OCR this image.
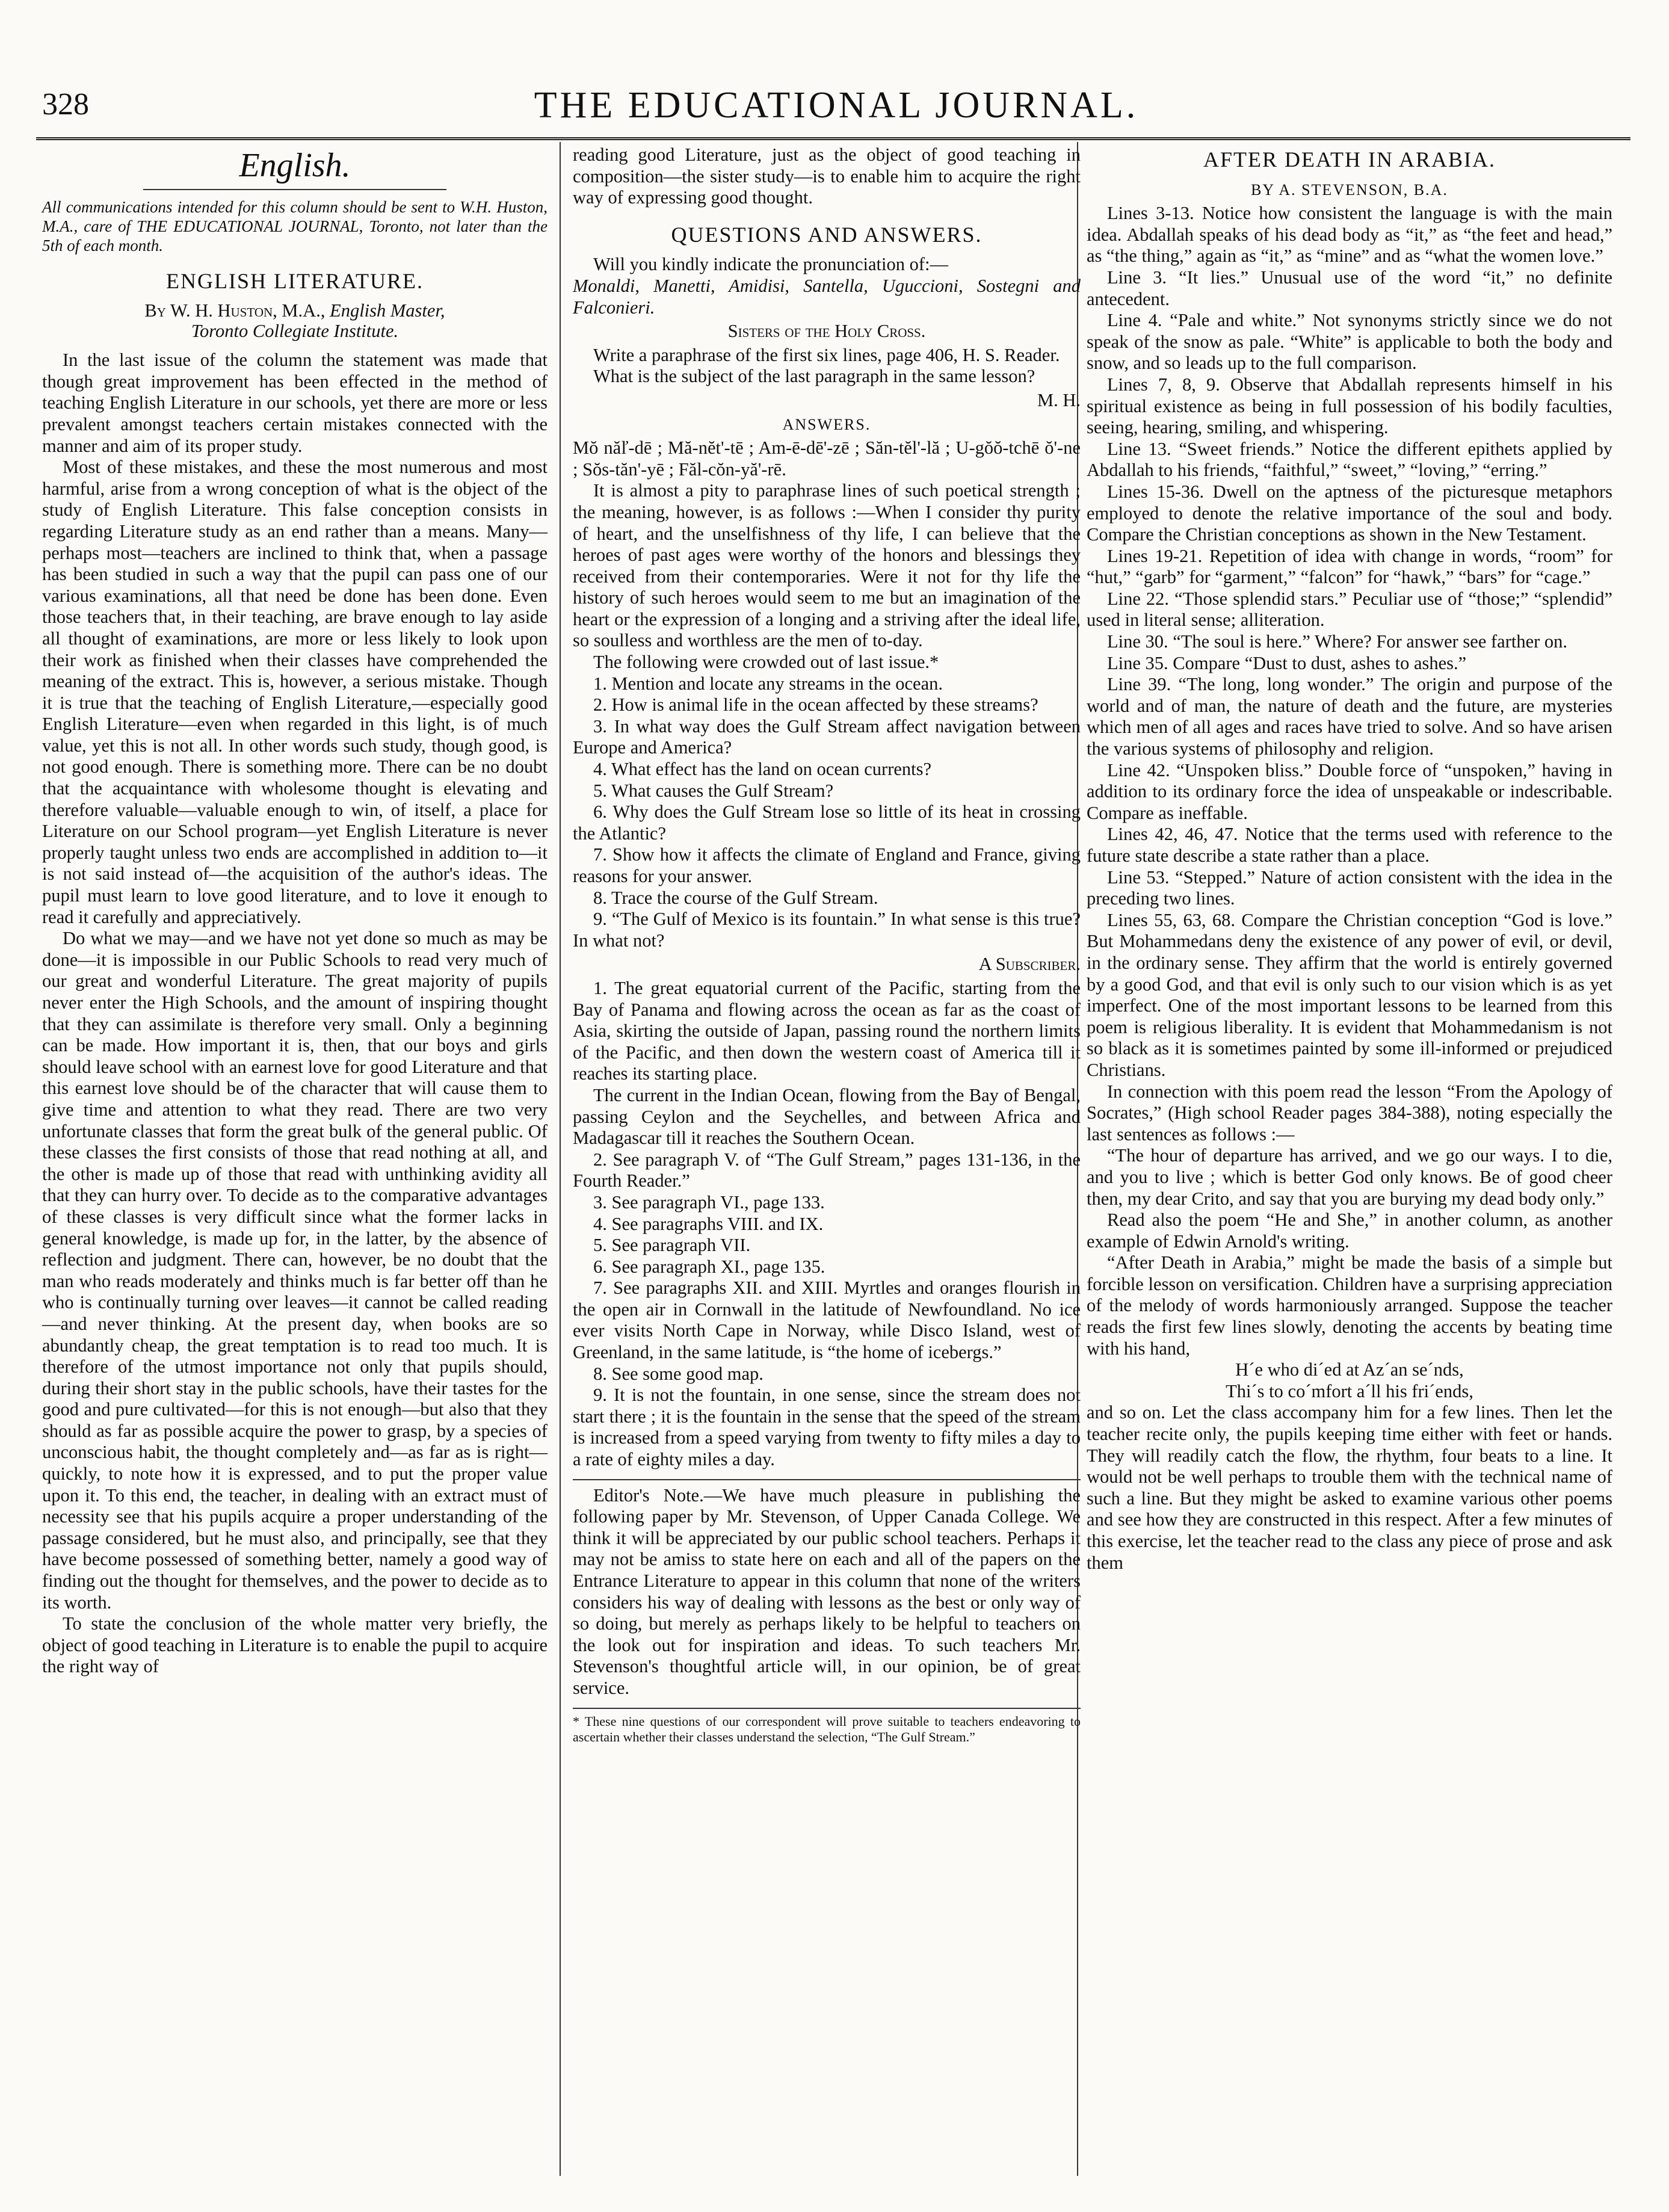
328	THE EDUCATIONAL JOURNAL.
English.

All communications intended for this column should be sent to W.H. Huston, M.A., care of THE EDUCATIONAL JOURNAL, Toronto, not later than the 5th of each month.

ENGLISH LITERATURE.
By W. H. Huston, M.A., English Master,
Toronto Collegiate Institute.

In the last issue of the column the statement was made that though great improvement has been effected in the method of teaching English Literature in our schools, yet there are more or less prevalent amongst teachers certain mistakes connected with the manner and aim of its proper study.

Most of these mistakes, and these the most numerous and most harmful, arise from a wrong conception of what is the object of the study of English Literature. This false conception consists in regarding Literature study as an end rather than a means. Many—perhaps most—teachers are inclined to think that, when a passage has been studied in such a way that the pupil can pass one of our various examinations, all that need be done has been done. Even those teachers that, in their teaching, are brave enough to lay aside all thought of examinations, are more or less likely to look upon their work as finished when their classes have comprehended the meaning of the extract. This is, however, a serious mistake. Though it is true that the teaching of English Literature,—especially good English Literature—even when regarded in this light, is of much value, yet this is not all. In other words such study, though good, is not good enough. There is something more. There can be no doubt that the acquaintance with wholesome thought is elevating and therefore valuable—valuable enough to win, of itself, a place for Literature on our School program—yet English Literature is never properly taught unless two ends are accomplished in addition to—it is not said instead of—the acquisition of the author's ideas. The pupil must learn to love good literature, and to love it enough to read it carefully and appreciatively.

Do what we may—and we have not yet done so much as may be done—it is impossible in our Public Schools to read very much of our great and wonderful Literature. The great majority of pupils never enter the High Schools, and the amount of inspiring thought that they can assimilate is therefore very small. Only a beginning can be made. How important it is, then, that our boys and girls should leave school with an earnest love for good Literature and that this earnest love should be of the character that will cause them to give time and attention to what they read. There are two very unfortunate classes that form the great bulk of the general public. Of these classes the first consists of those that read nothing at all, and the other is made up of those that read with unthinking avidity all that they can hurry over. To decide as to the comparative advantages of these classes is very difficult since what the former lacks in general knowledge, is made up for, in the latter, by the absence of reflection and judgment. There can, however, be no doubt that the man who reads moderately and thinks much is far better off than he who is continually turning over leaves—it cannot be called reading—and never thinking. At the present day, when books are so abundantly cheap, the great temptation is to read too much. It is therefore of the utmost importance not only that pupils should, during their short stay in the public schools, have their tastes for the good and pure cultivated—for this is not enough—but also that they should as far as possible acquire the power to grasp, by a species of unconscious habit, the thought completely and—as far as is right—quickly, to note how it is expressed, and to put the proper value upon it. To this end, the teacher, in dealing with an extract must of necessity see that his pupils acquire a proper understanding of the passage considered, but he must also, and principally, see that they have become possessed of something better, namely a good way of finding out the thought for themselves, and the power to decide as to its worth.

To state the conclusion of the whole matter very briefly, the object of good teaching in Literature is to enable the pupil to acquire the right way of

reading good Literature, just as the object of good teaching in composition—the sister study—is to enable him to acquire the right way of expressing good thought.

QUESTIONS AND ANSWERS.

Will you kindly indicate the pronunciation of:—

Monaldi, Manetti, Amidisi, Santella, Uguccioni, Sostegni and Falconieri.

Sisters of the Holy Cross.

Write a paraphrase of the first six lines, page 406, H. S. Reader.

What is the subject of the last paragraph in the same lesson?

M. H.

ANSWERS.

Mŏ năľ-dē ; Mă-nĕt'-tē ; Am-ē-dē'-zē ; Săn-tĕl'-lă ; U-gŏŏ-tchē ŏ'-ne ; Sŏs-tăn'-yē ; Făl-cŏn-yă'-rē.

It is almost a pity to paraphrase lines of such poetical strength ; the meaning, however, is as follows :—When I consider thy purity of heart, and the unselfishness of thy life, I can believe that the heroes of past ages were worthy of the honors and blessings they received from their contemporaries. Were it not for thy life the history of such heroes would seem to me but an imagination of the heart or the expression of a longing and a striving after the ideal life, so soulless and worthless are the men of to-day.

The following were crowded out of last issue.*

1. Mention and locate any streams in the ocean.

2. How is animal life in the ocean affected by these streams?

3. In what way does the Gulf Stream affect navigation between Europe and America?

4. What effect has the land on ocean currents?

5. What causes the Gulf Stream?

6. Why does the Gulf Stream lose so little of its heat in crossing the Atlantic?

7. Show how it affects the climate of England and France, giving reasons for your answer.

8. Trace the course of the Gulf Stream.

9. “The Gulf of Mexico is its fountain.” In what sense is this true? In what not?

A Subscriber.

1. The great equatorial current of the Pacific, starting from the Bay of Panama and flowing across the ocean as far as the coast of Asia, skirting the outside of Japan, passing round the northern limits of the Pacific, and then down the western coast of America till it reaches its starting place.

The current in the Indian Ocean, flowing from the Bay of Bengal, passing Ceylon and the Seychelles, and between Africa and Madagascar till it reaches the Southern Ocean.

2. See paragraph V. of “The Gulf Stream,” pages 131-136, in the Fourth Reader.”

3. See paragraph VI., page 133.

4. See paragraphs VIII. and IX.

5. See paragraph VII.

6. See paragraph XI., page 135.

7. See paragraphs XII. and XIII. Myrtles and oranges flourish in the open air in Cornwall in the latitude of Newfoundland. No ice ever visits North Cape in Norway, while Disco Island, west of Greenland, in the same latitude, is “the home of icebergs.”

8. See some good map.

9. It is not the fountain, in one sense, since the stream does not start there ; it is the fountain in the sense that the speed of the stream is increased from a speed varying from twenty to fifty miles a day to a rate of eighty miles a day.

Editor's Note.—We have much pleasure in publishing the following paper by Mr. Stevenson, of Upper Canada College. We think it will be appreciated by our public school teachers. Perhaps it may not be amiss to state here on each and all of the papers on the Entrance Literature to appear in this column that none of the writers considers his way of dealing with lessons as the best or only way of so doing, but merely as perhaps likely to be helpful to teachers on the look out for inspiration and ideas. To such teachers Mr. Stevenson's thoughtful article will, in our opinion, be of great service.

* These nine questions of our correspondent will prove suitable to teachers endeavoring to ascertain whether their classes understand the selection, “The Gulf Stream.”

AFTER DEATH IN ARABIA.

BY A. STEVENSON, B.A.

Lines 3-13. Notice how consistent the language is with the main idea. Abdallah speaks of his dead body as “it,” as “the feet and head,” as “the thing,” again as “it,” as “mine” and as “what the women love.”

Line 3. “It lies.” Unusual use of the word “it,” no definite antecedent.

Line 4. “Pale and white.” Not synonyms strictly since we do not speak of the snow as pale. “White” is applicable to both the body and snow, and so leads up to the full comparison.

Lines 7, 8, 9. Observe that Abdallah represents himself in his spiritual existence as being in full possession of his bodily faculties, seeing, hearing, smiling, and whispering.

Line 13. “Sweet friends.” Notice the different epithets applied by Abdallah to his friends, “faithful,” “sweet,” “loving,” “erring.”

Lines 15-36. Dwell on the aptness of the picturesque metaphors employed to denote the relative importance of the soul and body. Compare the Christian conceptions as shown in the New Testament.

Lines 19-21. Repetition of idea with change in words, “room” for “hut,” “garb” for “garment,” “falcon” for “hawk,” “bars” for “cage.”

Line 22. “Those splendid stars.” Peculiar use of “those;” “splendid” used in literal sense; alliteration.

Line 30. “The soul is here.” Where? For answer see farther on.

Line 35. Compare “Dust to dust, ashes to ashes.”

Line 39. “The long, long wonder.” The origin and purpose of the world and of man, the nature of death and the future, are mysteries which men of all ages and races have tried to solve. And so have arisen the various systems of philosophy and religion.

Line 42. “Unspoken bliss.” Double force of “unspoken,” having in addition to its ordinary force the idea of unspeakable or indescribable. Compare as ineffable.

Lines 42, 46, 47. Notice that the terms used with reference to the future state describe a state rather than a place.

Line 53. “Stepped.” Nature of action consistent with the idea in the preceding two lines.

Lines 55, 63, 68. Compare the Christian conception “God is love.” But Mohammedans deny the existence of any power of evil, or devil, in the ordinary sense. They affirm that the world is entirely governed by a good God, and that evil is only such to our vision which is as yet imperfect. One of the most important lessons to be learned from this poem is religious liberality. It is evident that Mohammedanism is not so black as it is sometimes painted by some ill-informed or prejudiced Christians.

In connection with this poem read the lesson “From the Apology of Socrates,” (High school Reader pages 384-388), noting especially the last sentences as follows :—

“The hour of departure has arrived, and we go our ways. I to die, and you to live ; which is better God only knows. Be of good cheer then, my dear Crito, and say that you are burying my dead body only.”

Read also the poem “He and She,” in another column, as another example of Edwin Arnold's writing.

“After Death in Arabia,” might be made the basis of a simple but forcible lesson on versification. Children have a surprising appreciation of the melody of words harmoniously arranged. Suppose the teacher reads the first few lines slowly, denoting the accents by beating time with his hand,

H´e who di´ed at Az´an se´nds,

Thi´s to co´mfort a´ll his fri´ends,

and so on. Let the class accompany him for a few lines. Then let the teacher recite only, the pupils keeping time either with feet or hands. They will readily catch the flow, the rhythm, four beats to a line. It would not be well perhaps to trouble them with the technical name of such a line. But they might be asked to examine various other poems and see how they are constructed in this respect. After a few minutes of this exercise, let the teacher read to the class any piece of prose and ask them
